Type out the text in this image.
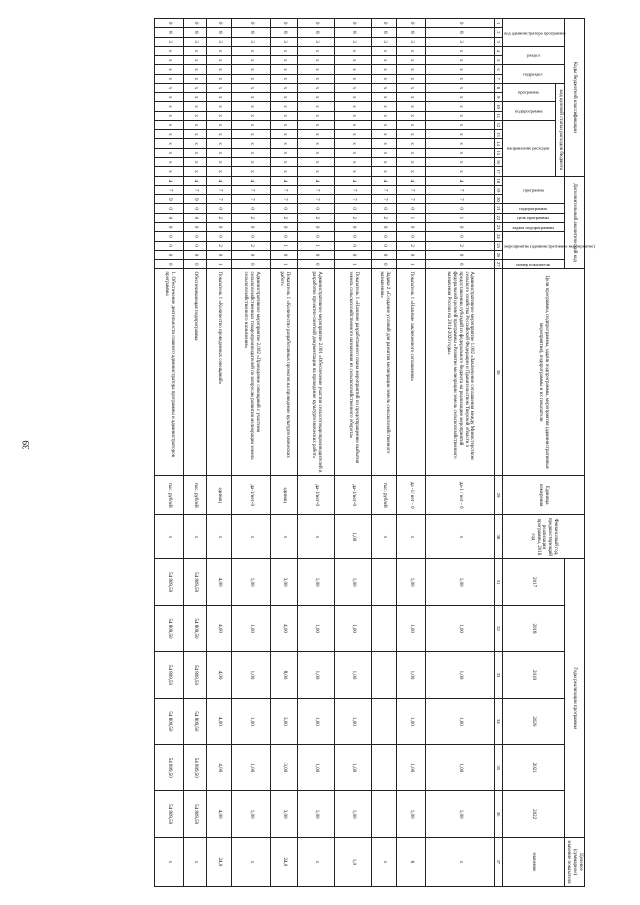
39
Коды бюджетной классификации																	Дополнительный аналитический код										Цели программы, подпрограммы, задачи подпрограммы, мероприятия (административные мероприятия), подпрограммы и их показатели	Единица измерения	Финансовый год, предшествующий реализации программы, 2016 год	Годы реализации программы						Целевое (суммарное) значение показателя
код администратора программы			раздел		подраздел		код целевой статьи расходов бюджета										программа			подпрограмма	цель программы	задача подпрограммы	мероприятие (административное мероприятие)			номер показателя				2017	2018	2019	2020	2021	2022	значение
							программа		подпрограмма		направление расходов																									
1	2	3	4	5	6	7	8	9	10	11	12	13	14	15	16	17	18	19	20	21	22	23	24	25	26	27	28	29	30	31	32	33	34	35	36	37
0	8	3	х	х	х	х	х	х	х	х	х	х	х	х	х	х	4	7	7	0	1	0	0	2	0	0	Административное мероприятие 1.002 «Заключение соглашения между Министерством сельского хозяйства Российской Федерации и Правительством Тверской области о предоставлении субсидий из федерального бюджета на реализацию мероприятий федеральной целевой программы «Развитие мелиорации земель сельскохозяйственного назначения России на 2014-2020 годы»	да-1 / нет - 0	х	1,00	1,00	1,00	1,00	1,00	1,00	х
0	8	3	х	х	х	х	х	х	х	х	х	х	х	х	х	х	4	7	7	0	1	0	0	2	0	1	Показатель 1 «Наличие заключенного соглашения»	да -1/ нет - 0	х	1,00	1,00	1,00	1,00	1,00	1,00	6
0	8	3	х	х	х	х	х	х	х	х	х	х	х	х	х	х	4	7	7	0	2	0	0	0	0	0	Задача 2 «Создание условий для развития мелиорации земель сельскохозяйственного назначения»	тыс. рублей	х							х
0	8	3	х	х	х	х	х	х	х	х	х	х	х	х	х	х	4	7	7	0	2	0	0	0	0	1	Показатель 1 «Наличие разработанного плана мероприятий по предотвращению выбытия земель сельскохозяйственного назначения из сельскохозяйственного оборота»	да-1/нет-0	1,00	1,00	1,00	1,00	1,00	1,00	1,00	1,0
0	8	3	х	х	х	х	х	х	х	х	х	х	х	х	х	х	4	7	7	0	2	0	0	1	0	0	Административное мероприятие 2.001 «Обеспечение участия сельхозтоваропроизводителей в разработке проектно-сметной документации на проведение культуртехнических работ»	да-1/нет-0	х	1,00	1,00	1,00	1,00	1,00	1,00	х
0	8	3	х	х	х	х	х	х	х	х	х	х	х	х	х	х	4	7	7	0	2	0	0	1	0	1	Показатель 1 «Количество разработанных проектов на проведение культуртехнических работ»	единиц	х	3,00	4,00	8,00	3,00	3,00	3,00	24,0
0	8	3	х	х	х	х	х	х	х	х	х	х	х	х	х	х	4	7	7	0	2	0	0	2	0	0	Административное мероприятие 2.002 «Проведение совещаний с участием сельскохозяйственных товаропроизводителей по вопросам развития мелиорации земель сельскохозяйственного назначения»	да-1/нет-0	х	1,00	1,00	1,00	1,00	1,00	1,00	х
0	8	3	х	х	х	х	х	х	х	х	х	х	х	х	х	х	4	7	7	0	2	0	0	2	0	1	Показатель 1 «Количество проведенных совещаний»	единиц	х	4,00	4,00	4,00	4,00	4,00	4,00	24,0
0	8	3	х	х	х	х	х	х	х	х	х	х	х	х	х	х	4	7	9	0	0	0	0	0	0	0	Обеспечивающая подпрограмма	тыс. рублей	х	54 809,50	54 809,50	54 809,50	54 809,50	54 809,50	54 809,50	х
0	8	3	х	х	х	х	х	х	х	х	х	х	х	х	х	х	4	7	9	0	0	0	0	0	0	0	1. Обеспечение деятельности главного администратора программы и администраторов программы	тыс. рублей	х	54 809,50	54 809,50	54 809,50	54 809,50	54 809,50	54 809,50	х
